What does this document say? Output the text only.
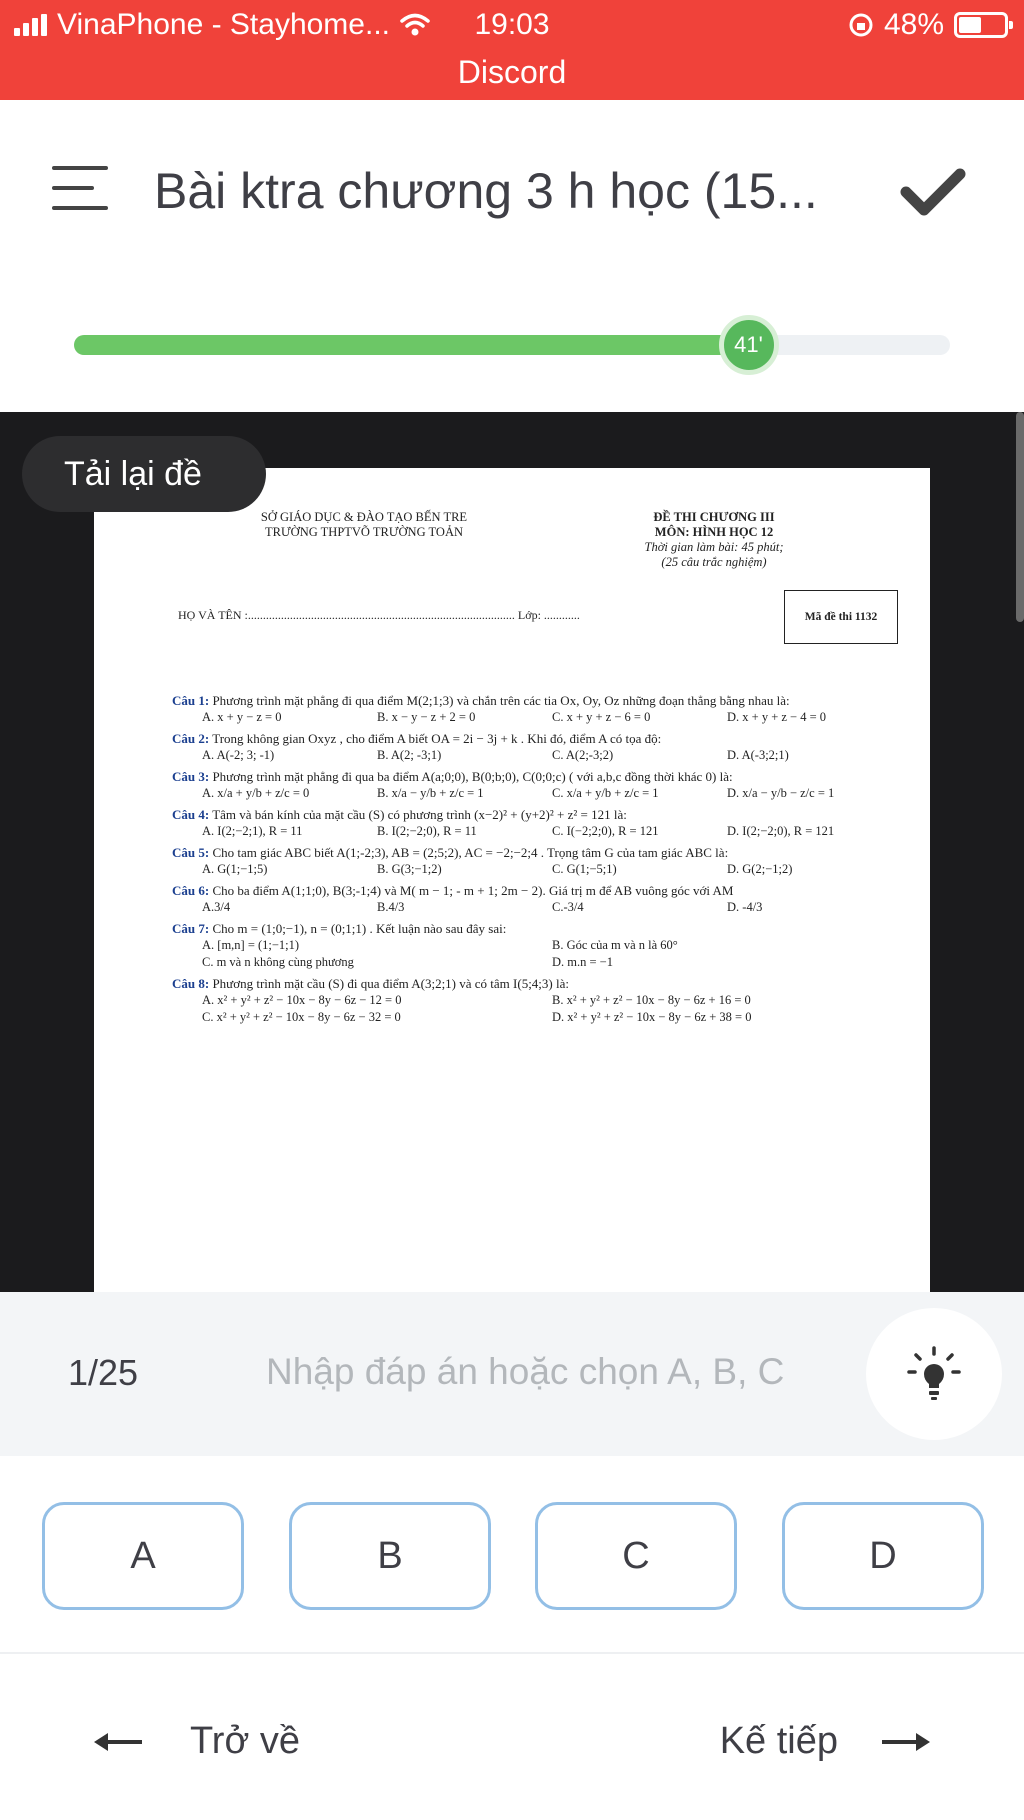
VinaPhone - Stayhome...	19:03
Discord
48%
Bài ktra chương 3 h học (15...
41'
Tải lại đề
SỞ GIÁO DỤC & ĐÀO TẠO BẾN TRE
TRƯỜNG THPTVÕ TRƯỜNG TOẢN
ĐỀ THI CHƯƠNG III
MÔN: HÌNH HỌC 12
Thời gian làm bài: 45 phút;
(25 câu trắc nghiệm)
HỌ VÀ TÊN :......................................................................................... Lớp: ............	Mã đề thi 1132
Câu 1: Phương trình mặt phẳng đi qua điểm M(2;1;3) và chắn trên các tia Ox, Oy, Oz những đoạn thẳng bằng nhau là:
A. x + y − z = 0	B. x − y − z + 2 = 0	C. x + y + z − 6 = 0	D. x + y + z − 4 = 0
Câu 2: Trong không gian Oxyz , cho điểm A biết OA = 2i − 3j + k . Khi đó, điểm A có tọa độ:
A. A(-2; 3; -1)	B. A(2; -3;1)	C. A(2;-3;2)	D. A(-3;2;1)
Câu 3: Phương trình mặt phẳng đi qua ba điểm A(a;0;0), B(0;b;0), C(0;0;c) ( với a,b,c đồng thời khác 0) là:
A. x/a + y/b + z/c = 0	B. x/a − y/b + z/c = 1	C. x/a + y/b + z/c = 1	D. x/a − y/b − z/c = 1
Câu 4: Tâm và bán kính của mặt cầu (S) có phương trình (x−2)² + (y+2)² + z² = 121 là:
A. I(2;−2;1), R = 11	B. I(2;−2;0), R = 11	C. I(−2;2;0), R = 121	D. I(2;−2;0), R = 121
Câu 5: Cho tam giác ABC biết A(1;-2;3), AB = (2;5;2), AC = −2;−2;4 . Trọng tâm G của tam giác ABC là:
A. G(1;−1;5)	B. G(3;−1;2)	C. G(1;−5;1)	D. G(2;−1;2)
Câu 6: Cho ba điểm A(1;1;0), B(3;-1;4) và M( m − 1; - m + 1; 2m − 2). Giá trị m để AB vuông góc với AM
A.3/4	B.4/3	C.-3/4	D. -4/3
Câu 7: Cho m = (1;0;−1), n = (0;1;1) . Kết luận nào sau đây sai:
A. [m,n] = (1;−1;1)	B. Góc của m và n là 60°
C. m và n không cùng phương	D. m.n = −1
Câu 8: Phương trình mặt cầu (S) đi qua điểm A(3;2;1) và có tâm I(5;4;3) là:
A. x² + y² + z² − 10x − 8y − 6z − 12 = 0	B. x² + y² + z² − 10x − 8y − 6z + 16 = 0
C. x² + y² + z² − 10x − 8y − 6z − 32 = 0	D. x² + y² + z² − 10x − 8y − 6z + 38 = 0
1/25
Nhập đáp án hoặc chọn A, B, C
A	B	C	D
Trở về	Kế tiếp
